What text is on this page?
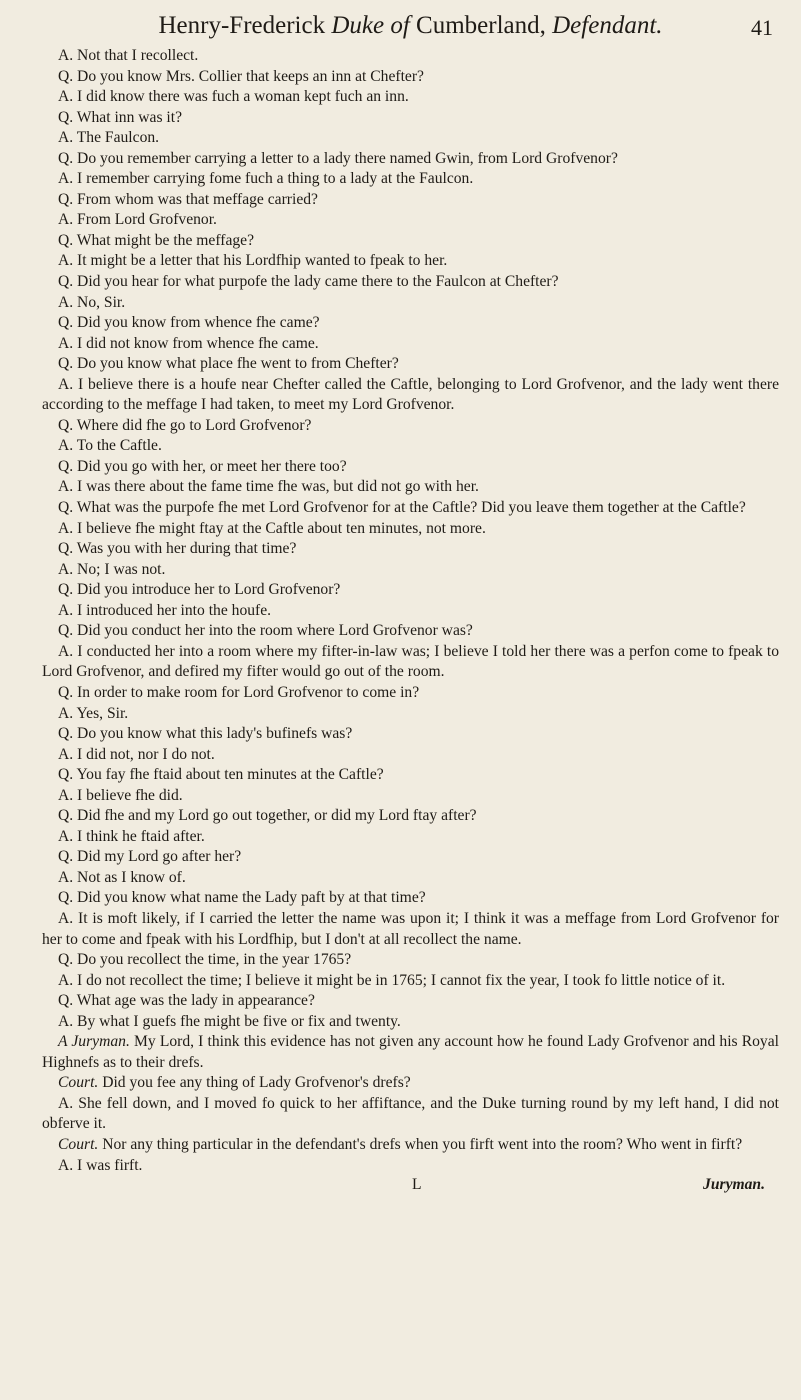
Henry-Frederick Duke of Cumberland, Defendant.	41

A. Not that I recollect.

Q. Do you know Mrs. Collier that keeps an inn at Chefter?

A. I did know there was fuch a woman kept fuch an inn.

Q. What inn was it?

A. The Faulcon.

Q. Do you remember carrying a letter to a lady there named Gwin, from Lord Grofvenor?

A. I remember carrying fome fuch a thing to a lady at the Faulcon.

Q. From whom was that meffage carried?

A. From Lord Grofvenor.

Q. What might be the meffage?

A. It might be a letter that his Lordfhip wanted to fpeak to her.

Q. Did you hear for what purpofe the lady came there to the Faulcon at Chefter?

A. No, Sir.

Q. Did you know from whence fhe came?

A. I did not know from whence fhe came.

Q. Do you know what place fhe went to from Chefter?

A. I believe there is a houfe near Chefter called the Caftle, belonging to Lord Grofvenor, and the lady went there according to the meffage I had taken, to meet my Lord Grofvenor.

Q. Where did fhe go to Lord Grofvenor?

A. To the Caftle.

Q. Did you go with her, or meet her there too?

A. I was there about the fame time fhe was, but did not go with her.

Q. What was the purpofe fhe met Lord Grofvenor for at the Caftle? Did you leave them together at the Caftle?

A. I believe fhe might ftay at the Caftle about ten minutes, not more.

Q. Was you with her during that time?

A. No; I was not.

Q. Did you introduce her to Lord Grofvenor?

A. I introduced her into the houfe.

Q. Did you conduct her into the room where Lord Grofvenor was?

A. I conducted her into a room where my fifter-in-law was; I believe I told her there was a perfon come to fpeak to Lord Grofvenor, and defired my fifter would go out of the room.

Q. In order to make room for Lord Grofvenor to come in?

A. Yes, Sir.

Q. Do you know what this lady's bufinefs was?

A. I did not, nor I do not.

Q. You fay fhe ftaid about ten minutes at the Caftle?

A. I believe fhe did.

Q. Did fhe and my Lord go out together, or did my Lord ftay after?

A. I think he ftaid after.

Q. Did my Lord go after her?

A. Not as I know of.

Q. Did you know what name the Lady paft by at that time?

A. It is moft likely, if I carried the letter the name was upon it; I think it was a meffage from Lord Grofvenor for her to come and fpeak with his Lordfhip, but I don't at all recollect the name.

Q. Do you recollect the time, in the year 1765?

A. I do not recollect the time; I believe it might be in 1765; I cannot fix the year, I took fo little notice of it.

Q. What age was the lady in appearance?

A. By what I guefs fhe might be five or fix and twenty.

A Juryman. My Lord, I think this evidence has not given any account how he found Lady Grofvenor and his Royal Highnefs as to their drefs.

Court. Did you fee any thing of Lady Grofvenor's drefs?

A. She fell down, and I moved fo quick to her affiftance, and the Duke turning round by my left hand, I did not obferve it.

Court. Nor any thing particular in the defendant's drefs when you firft went into the room? Who went in firft?

A. I was firft.

L	Juryman.
